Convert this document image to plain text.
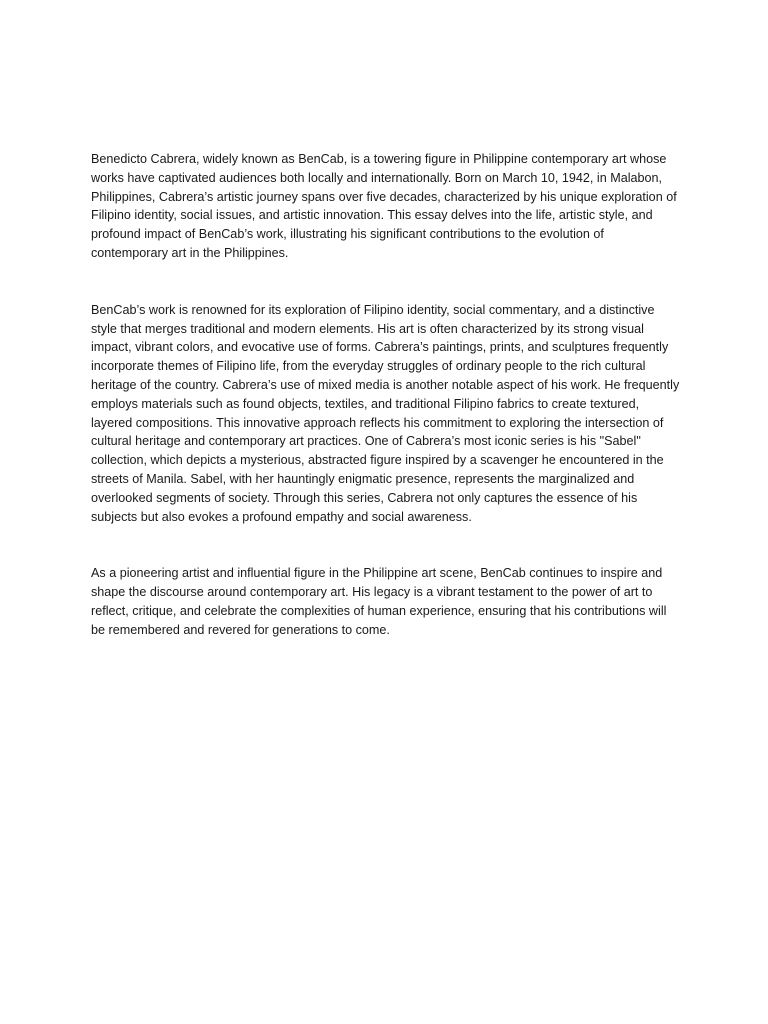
Benedicto Cabrera, widely known as BenCab, is a towering figure in Philippine contemporary art whose works have captivated audiences both locally and internationally. Born on March 10, 1942, in Malabon, Philippines, Cabrera’s artistic journey spans over five decades, characterized by his unique exploration of Filipino identity, social issues, and artistic innovation. This essay delves into the life, artistic style, and profound impact of BenCab’s work, illustrating his significant contributions to the evolution of contemporary art in the Philippines.

BenCab’s work is renowned for its exploration of Filipino identity, social commentary, and a distinctive style that merges traditional and modern elements. His art is often characterized by its strong visual impact, vibrant colors, and evocative use of forms. Cabrera’s paintings, prints, and sculptures frequently incorporate themes of Filipino life, from the everyday struggles of ordinary people to the rich cultural heritage of the country. Cabrera’s use of mixed media is another notable aspect of his work. He frequently employs materials such as found objects, textiles, and traditional Filipino fabrics to create textured, layered compositions. This innovative approach reflects his commitment to exploring the intersection of cultural heritage and contemporary art practices. One of Cabrera’s most iconic series is his "Sabel" collection, which depicts a mysterious, abstracted figure inspired by a scavenger he encountered in the streets of Manila. Sabel, with her hauntingly enigmatic presence, represents the marginalized and overlooked segments of society. Through this series, Cabrera not only captures the essence of his subjects but also evokes a profound empathy and social awareness.

As a pioneering artist and influential figure in the Philippine art scene, BenCab continues to inspire and shape the discourse around contemporary art. His legacy is a vibrant testament to the power of art to reflect, critique, and celebrate the complexities of human experience, ensuring that his contributions will be remembered and revered for generations to come.
